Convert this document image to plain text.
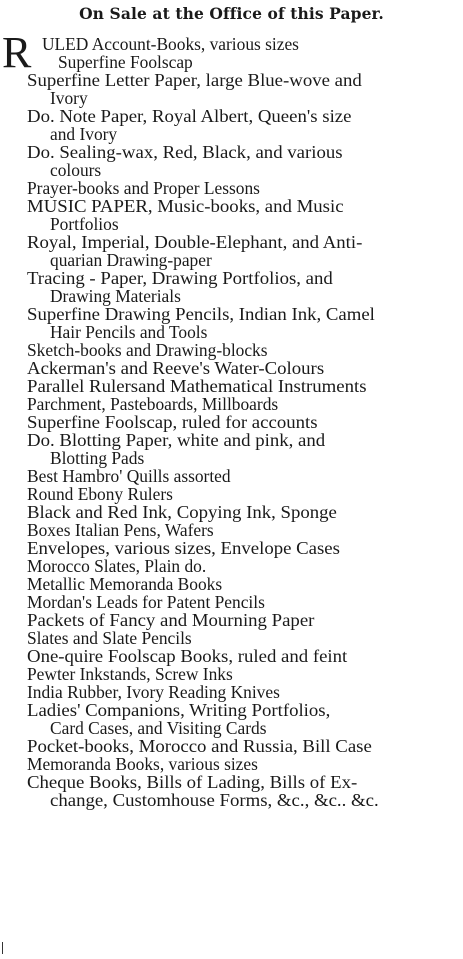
On Sale at the Office of this Paper.
R ULED Account-Books, various sizes
Superfine Foolscap
Superfine Letter Paper, large Blue-wove and
Ivory
Do. Note Paper, Royal Albert, Queen's size
and Ivory
Do. Sealing-wax, Red, Black, and various
colours
Prayer-books and Proper Lessons
MUSIC PAPER, Music-books, and Music
Portfolios
Royal, Imperial, Double-Elephant, and Anti-
quarian Drawing-paper
Tracing - Paper, Drawing Portfolios, and
Drawing Materials
Superfine Drawing Pencils, Indian Ink, Camel
Hair Pencils and Tools
Sketch-books and Drawing-blocks
Ackerman's and Reeve's Water-Colours
Parallel Rulersand Mathematical Instruments
Parchment, Pasteboards, Millboards
Superfine Foolscap, ruled for accounts
Do. Blotting Paper, white and pink, and
Blotting Pads
Best Hambro' Quills assorted
Round Ebony Rulers
Black and Red Ink, Copying Ink, Sponge
Boxes Italian Pens, Wafers
Envelopes, various sizes, Envelope Cases
Morocco Slates, Plain do.
Metallic Memoranda Books
Mordan's Leads for Patent Pencils
Packets of Fancy and Mourning Paper
Slates and Slate Pencils
One-quire Foolscap Books, ruled and feint
Pewter Inkstands, Screw Inks
India Rubber, Ivory Reading Knives
Ladies' Companions, Writing Portfolios,
Card Cases, and Visiting Cards
Pocket-books, Morocco and Russia, Bill Case
Memoranda Books, various sizes
Cheque Books, Bills of Lading, Bills of Ex-
change, Customhouse Forms, &c., &c.. &c.
